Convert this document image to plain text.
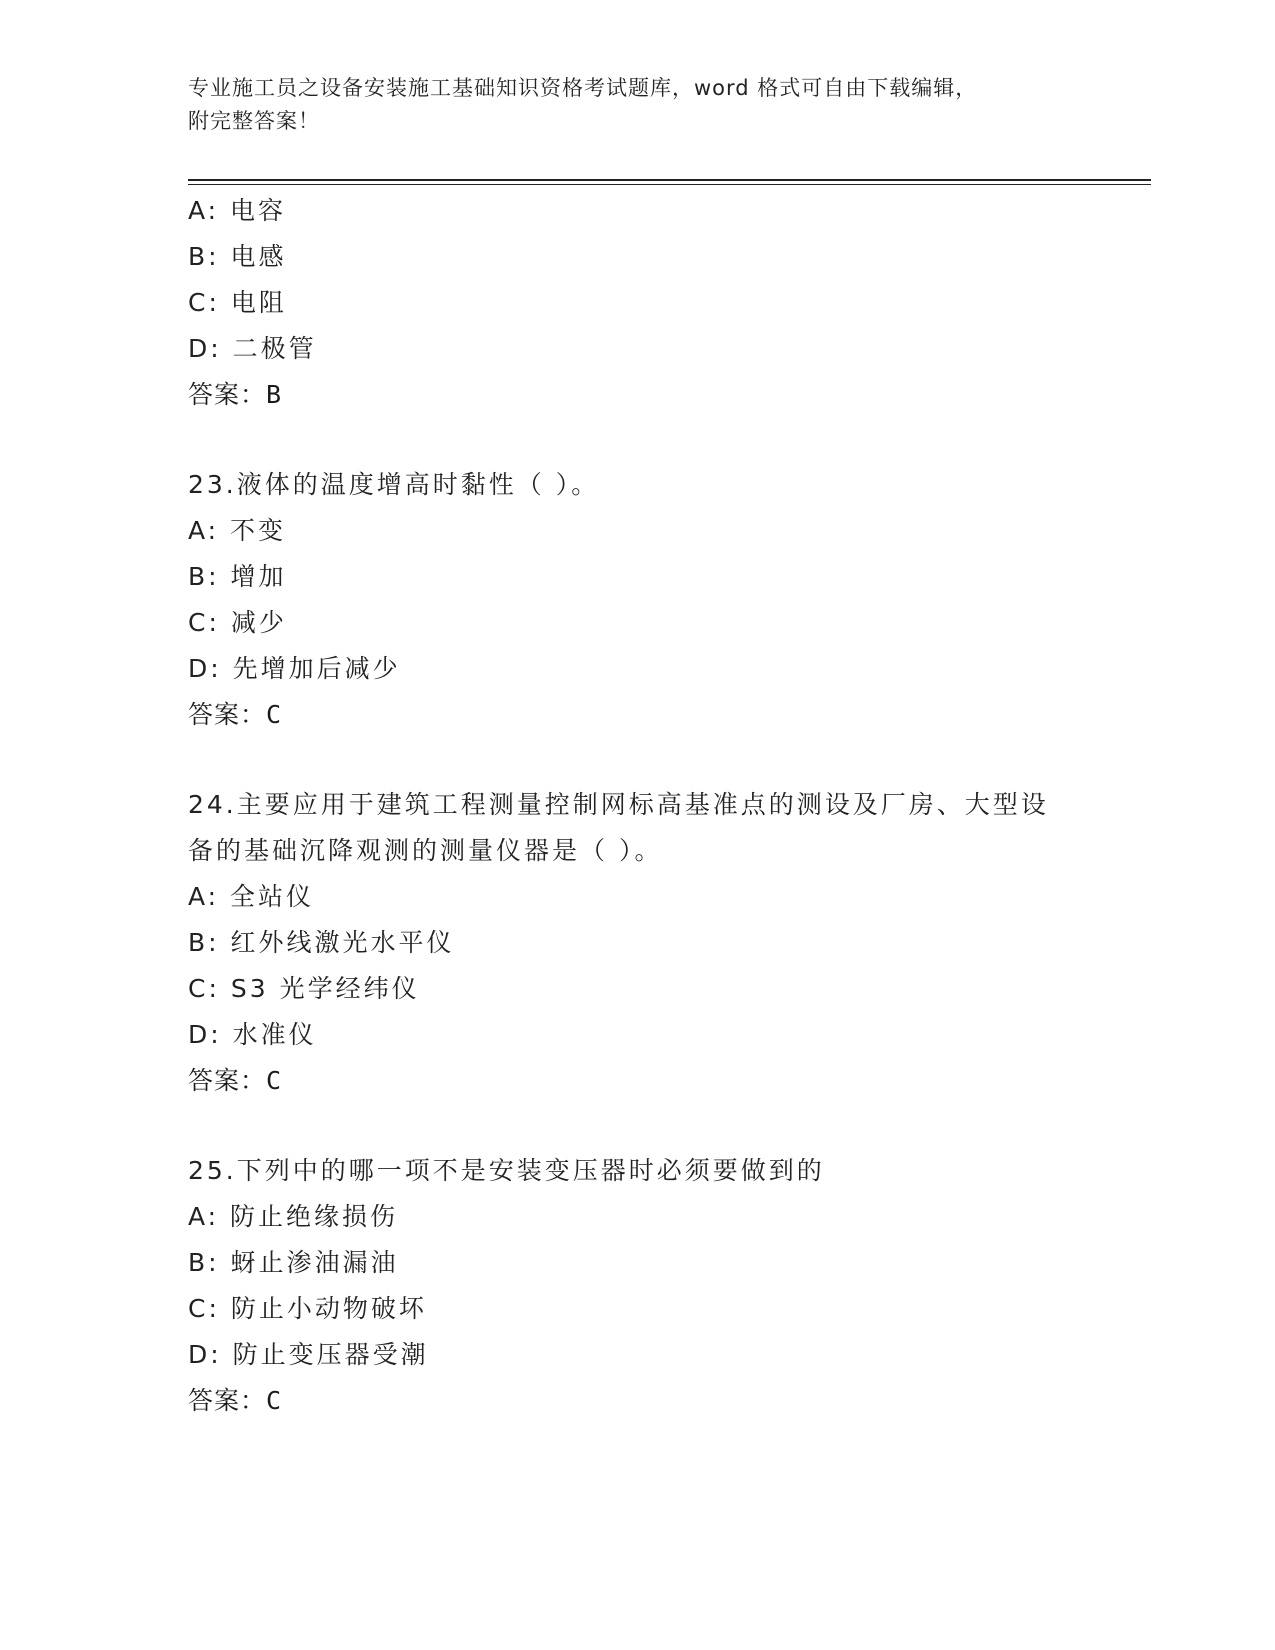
专业施工员之设备安装施工基础知识资格考试题库，word 格式可自由下载编辑，
附完整答案！
A: 电容
B: 电感
C: 电阻
D: 二极管
答案：B
23.液体的温度增高时黏性（ ）。
A: 不变
B: 增加
C: 减少
D: 先增加后减少
答案：C
24.主要应用于建筑工程测量控制网标高基准点的测设及厂房、大型设
备的基础沉降观测的测量仪器是（ ）。
A: 全站仪
B: 红外线激光水平仪
C: S3 光学经纬仪
D: 水准仪
答案：C
25.下列中的哪一项不是安装变压器时必须要做到的
A: 防止绝缘损伤
B: 蚜止渗油漏油
C: 防止小动物破坏
D: 防止变压器受潮
答案：C
